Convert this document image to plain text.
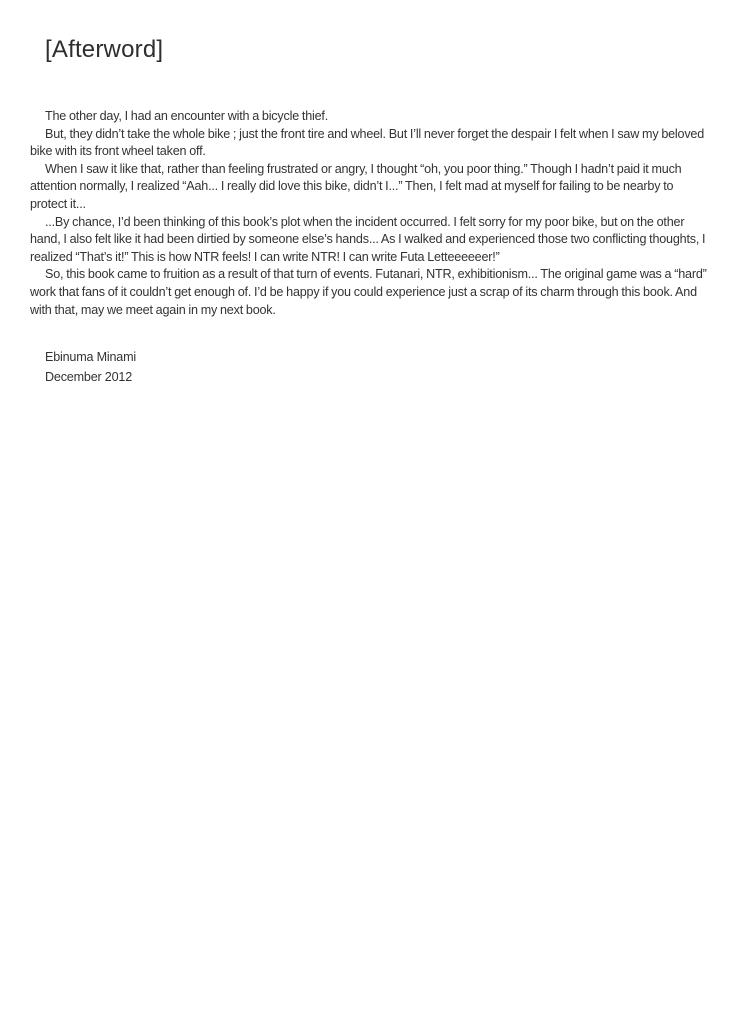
[Afterword]

The other day, I had an encounter with a bicycle thief.

But, they didn’t take the whole bike ; just the front tire and wheel. But I’ll never forget the despair I felt when I saw my beloved bike with its front wheel taken off.

When I saw it like that, rather than feeling frustrated or angry, I thought “oh, you poor thing.” Though I hadn’t paid it much attention normally, I realized “Aah... I really did love this bike, didn’t I...” Then, I felt mad at myself for failing to be nearby to protect it...

...By chance, I’d been thinking of this book’s plot when the incident occurred. I felt sorry for my poor bike, but on the other hand, I also felt like it had been dirtied by someone else’s hands... As I walked and experienced those two conflicting thoughts, I realized “That’s it!” This is how NTR feels! I can write NTR! I can write Futa Letteeeeeer!”

So, this book came to fruition as a result of that turn of events. Futanari, NTR, exhibitionism... The original game was a “hard” work that fans of it couldn’t get enough of. I’d be happy if you could experience just a scrap of its charm through this book. And with that, may we meet again in my next book.

Ebinuma Minami
December 2012
